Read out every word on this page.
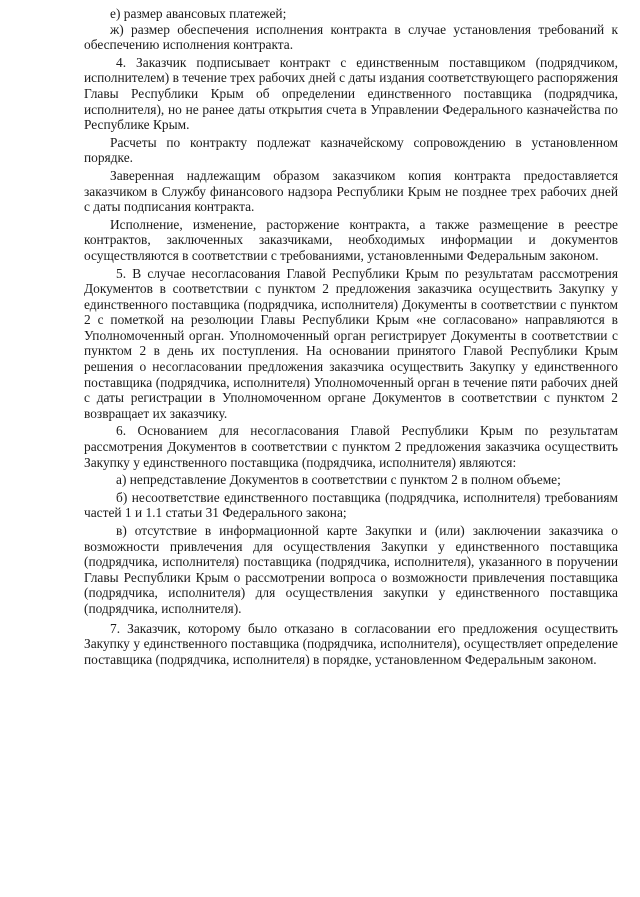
е) размер авансовых платежей;

ж) размер обеспечения исполнения контракта в случае установления требований к обеспечению исполнения контракта.

4. Заказчик подписывает контракт с единственным поставщиком (подрядчиком, исполнителем) в течение трех рабочих дней с даты издания соответствующего распоряжения Главы Республики Крым об определении единственного поставщика (подрядчика, исполнителя), но не ранее даты открытия счета в Управлении Федерального казначейства по Республике Крым.

Расчеты по контракту подлежат казначейскому сопровождению в установленном порядке.

Заверенная надлежащим образом заказчиком копия контракта предоставляется заказчиком в Службу финансового надзора Республики Крым не позднее трех рабочих дней с даты подписания контракта.

Исполнение, изменение, расторжение контракта, а также размещение в реестре контрактов, заключенных заказчиками, необходимых информации и документов осуществляются в соответствии с требованиями, установленными Федеральным законом.

5. В случае несогласования Главой Республики Крым по результатам рассмотрения Документов в соответствии с пунктом 2 предложения заказчика осуществить Закупку у единственного поставщика (подрядчика, исполнителя) Документы в соответствии с пунктом 2 с пометкой на резолюции Главы Республики Крым «не согласовано» направляются в Уполномоченный орган. Уполномоченный орган регистрирует Документы в соответствии с пунктом 2 в день их поступления. На основании принятого Главой Республики Крым решения о несогласовании предложения заказчика осуществить Закупку у единственного поставщика (подрядчика, исполнителя) Уполномоченный орган в течение пяти рабочих дней с даты регистрации в Уполномоченном органе Документов в соответствии с пунктом 2 возвращает их заказчику.

6. Основанием для несогласования Главой Республики Крым по результатам рассмотрения Документов в соответствии с пунктом 2 предложения заказчика осуществить Закупку у единственного поставщика (подрядчика, исполнителя) являются:

а) непредставление Документов в соответствии с пунктом 2 в полном объеме;

б) несоответствие единственного поставщика (подрядчика, исполнителя) требованиям частей 1 и 1.1 статьи 31 Федерального закона;

в) отсутствие в информационной карте Закупки и (или) заключении заказчика о возможности привлечения для осуществления Закупки у единственного поставщика (подрядчика, исполнителя) поставщика (подрядчика, исполнителя), указанного в поручении Главы Республики Крым о рассмотрении вопроса о возможности привлечения поставщика (подрядчика, исполнителя) для осуществления закупки у единственного поставщика (подрядчика, исполнителя).

7. Заказчик, которому было отказано в согласовании его предложения осуществить Закупку у единственного поставщика (подрядчика, исполнителя), осуществляет определение поставщика (подрядчика, исполнителя) в порядке, установленном Федеральным законом.
